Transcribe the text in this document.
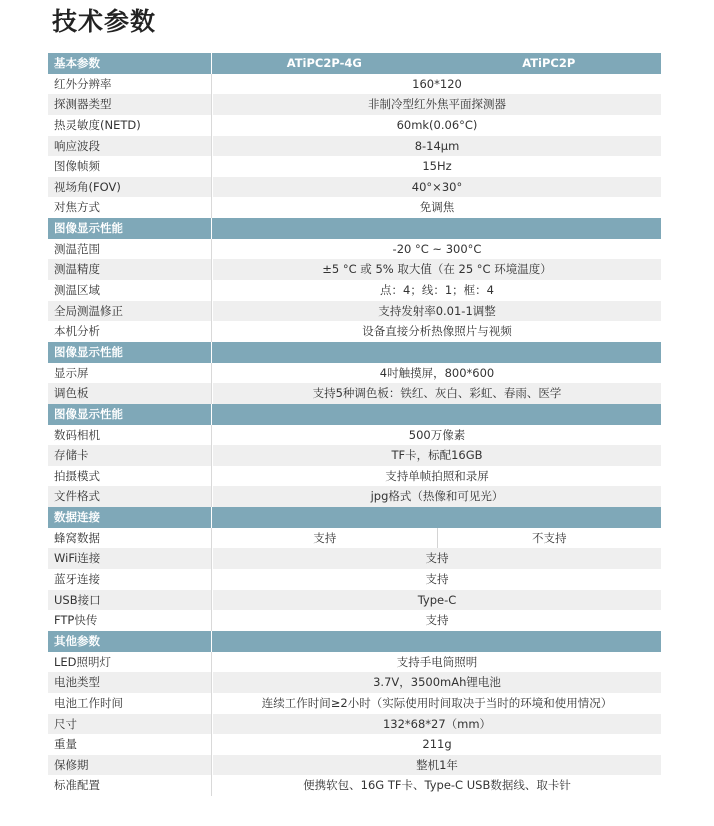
技术参数
基本参数	ATiPC2P-4G	ATiPC2P
红外分辨率	160*120
探测器类型	非制冷型红外焦平面探测器
热灵敏度(NETD)	60mk(0.06°C)
响应波段	8-14μm
图像帧频	15Hz
视场角(FOV)	40°×30°
对焦方式	免调焦
图像显示性能
测温范围	-20 °C ~ 300°C
测温精度	±5 °C 或 5% 取大值（在 25 °C 环境温度）
测温区域	点：4；线：1；框：4
全局测温修正	支持发射率0.01-1调整
本机分析	设备直接分析热像照片与视频
图像显示性能
显示屏	4吋触摸屏，800*600
调色板	支持5种调色板：铁红、灰白、彩虹、春雨、医学
图像显示性能
数码相机	500万像素
存储卡	TF卡，标配16GB
拍摄模式	支持单帧拍照和录屏
文件格式	jpg格式（热像和可见光）
数据连接
蜂窝数据	支持	不支持
WiFi连接	支持
蓝牙连接	支持
USB接口	Type-C
FTP快传	支持
其他参数
LED照明灯	支持手电筒照明
电池类型	3.7V，3500mAh锂电池
电池工作时间	连续工作时间≥2小时（实际使用时间取决于当时的环境和使用情况）
尺寸	132*68*27（mm）
重量	211g
保修期	整机1年
标准配置	便携软包、16G TF卡、Type-C USB数据线、取卡针
